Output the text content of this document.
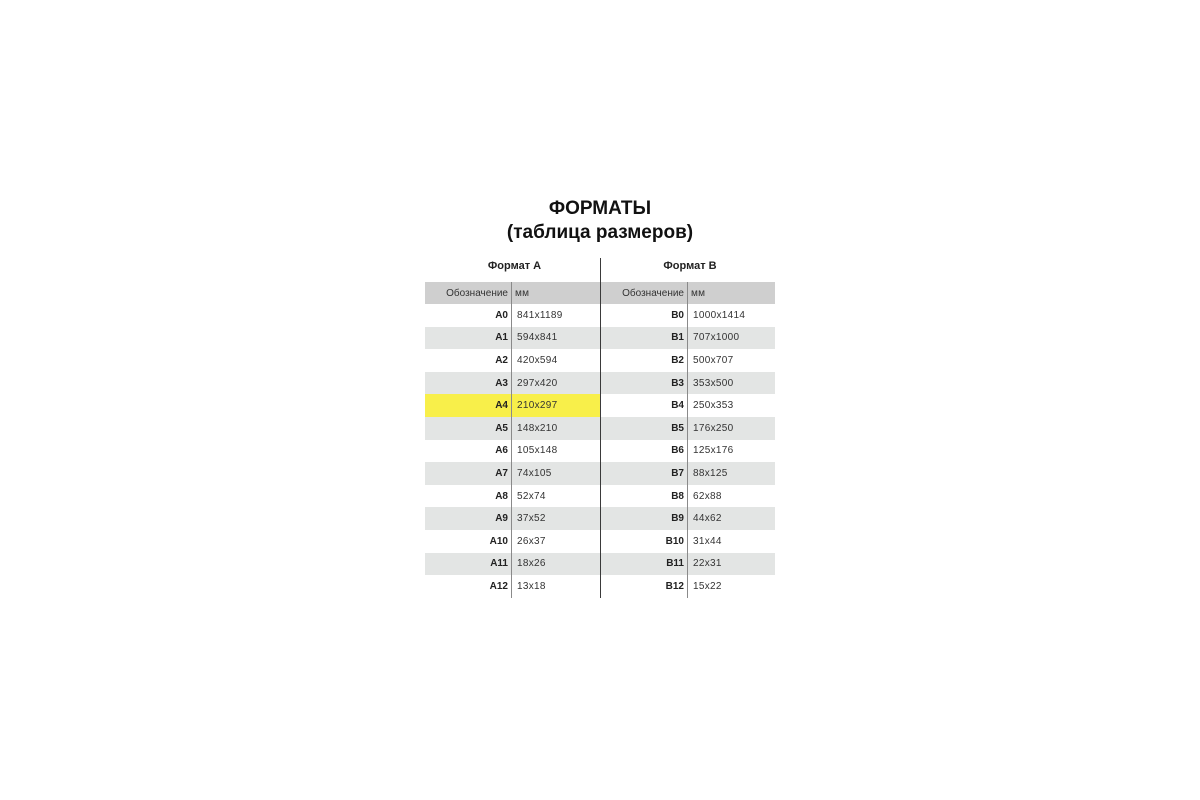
ФОРМАТЫ
(таблица размеров)
Формат А
Обозначение мм
A0 841x1189
A1 594x841
A2 420x594
A3 297x420
A4 210x297
A5 148x210
A6 105x148
A7 74x105
A8 52x74
A9 37x52
A10 26x37
A11 18x26
A12 13x18
Формат В
Обозначение мм
B0 1000x1414
B1 707x1000
B2 500x707
B3 353x500
B4 250x353
B5 176x250
B6 125x176
B7 88x125
B8 62x88
B9 44x62
B10 31x44
B11 22x31
B12 15x22
